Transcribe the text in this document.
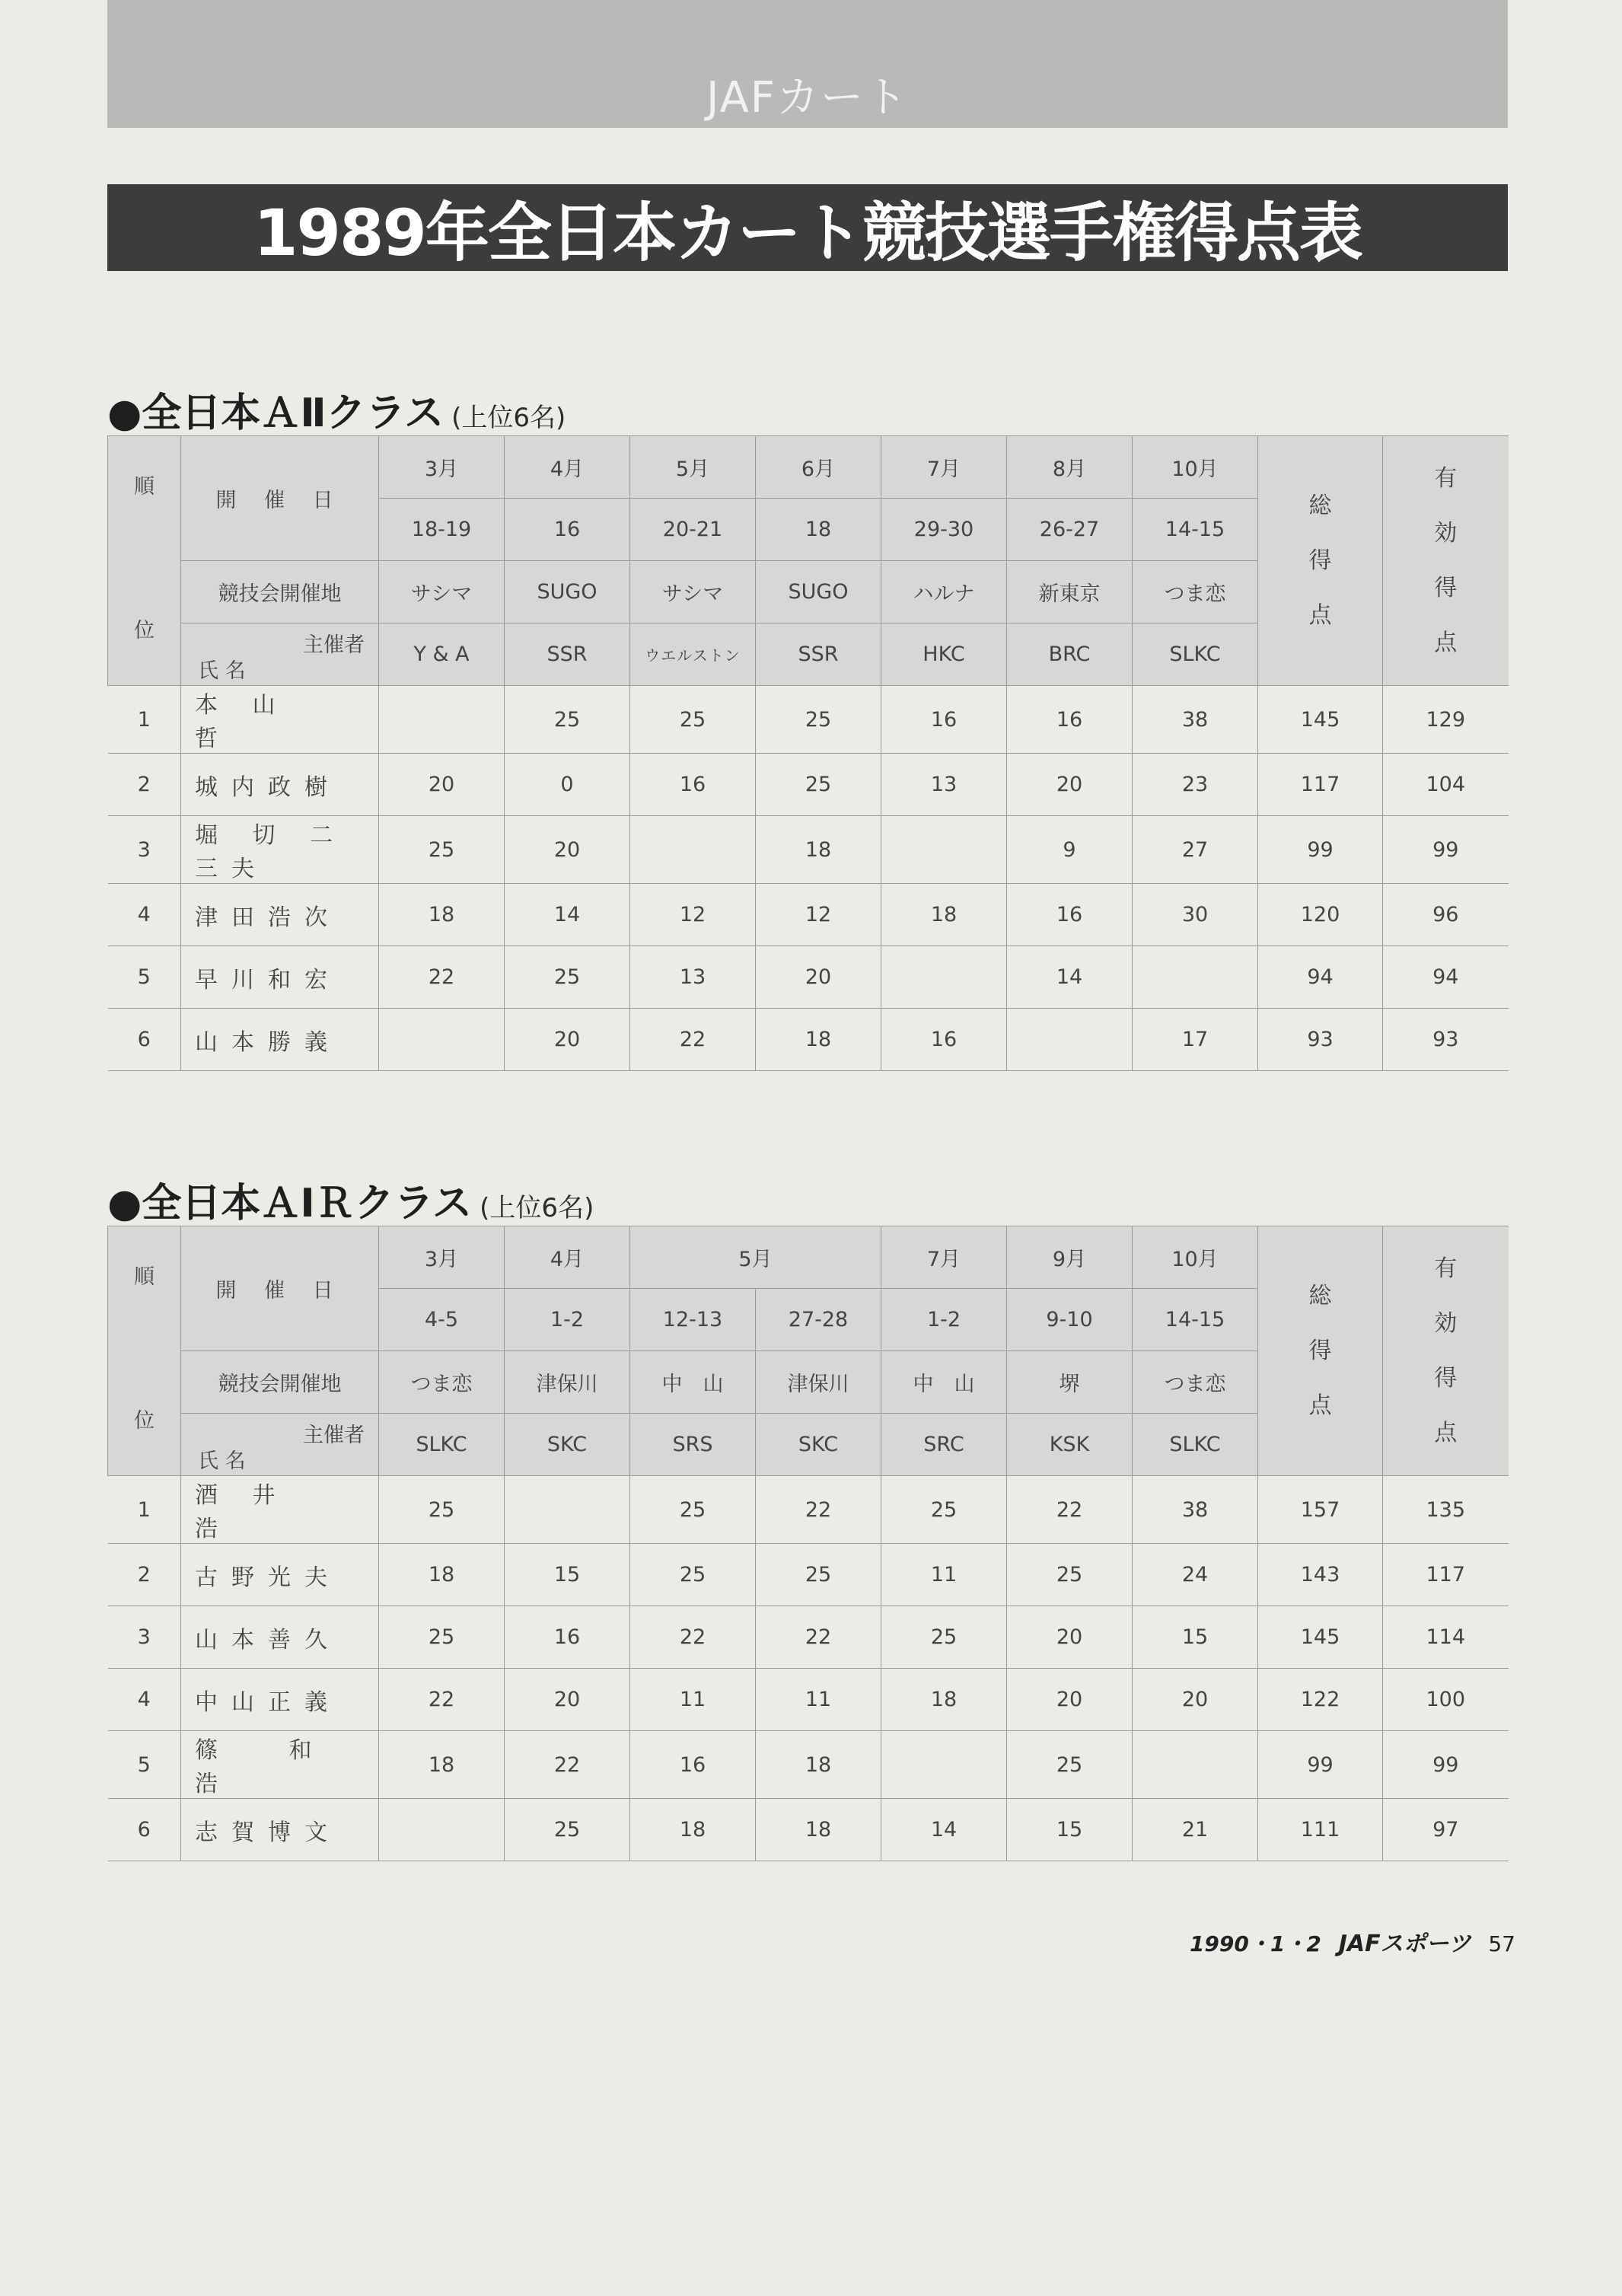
JAFカート
1989年全日本カート競技選手権得点表
●全日本ＡⅡクラス (上位6名)
順
位	開 催 日	3月	4月	5月	6月	7月	8月	10月	総得点	有効得点
		18-19	16	20-21	18	29-30	26-27	14-15		
	競技会開催地	サシマ	SUGO	サシマ	SUGO	ハルナ	新東京	つま恋		

	主催者
氏 名	Y & A	SSR	ウエルストン	SSR	HKC	BRC	SLKC		
1	本 山　 哲		25	25	25	16	16	38	145	129
2	城内政樹	20	0	16	25	13	20	23	117	104
3	堀 切 二三夫	25	20		18		9	27	99	99
4	津田浩次	18	14	12	12	18	16	30	120	96
5	早川和宏	22	25	13	20		14		94	94
6	山本勝義		20	22	18	16		17	93	93
●全日本ＡⅠＲクラス (上位6名)
順
位	開 催 日	3月	4月	5月		7月	9月	10月	総得点	有効得点
		4-5	1-2	12-13	27-28	1-2	9-10	14-15		
	競技会開催地	つま恋	津保川	中　山	津保川	中　山	堺	つま恋		

	主催者
氏 名	SLKC	SKC	SRS	SKC	SRC	KSK	SLKC		
1	酒 井　 浩	25		25	22	25	22	38	157	135
2	古野光夫	18	15	25	25	11	25	24	143	117
3	山本善久	25	16	22	22	25	20	15	145	114
4	中山正義	22	20	11	11	18	20	20	122	100
5	篠　 和 浩	18	22	16	18		25		99	99
6	志賀博文		25	18	18	14	15	21	111	97
1990・1・2 JAFスポーツ 57
